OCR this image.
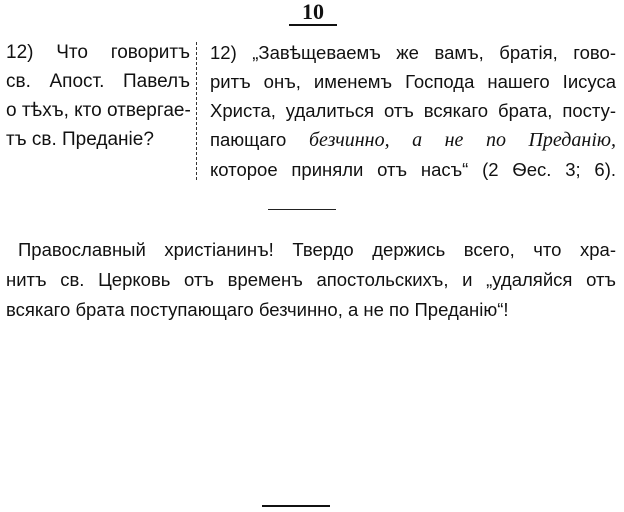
10
12) Что говоритъ
св. Апост. Павелъ
о тѣхъ, кто отвергае-
тъ св. Преданіе?
12) „Завѣщеваемъ же вамъ, братія, гово-
ритъ онъ, именемъ Господа нашего Іисуса
Христа, удалиться отъ всякаго брата, посту-
пающаго безчинно, а не по Преданію,
которое приняли отъ насъ“ (2 Ѳес. 3; 6).
Православный христіанинъ! Твердо держись всего, что хра-
нитъ св. Церковь отъ временъ апостольскихъ, и „удаляйся отъ
всякаго брата поступающаго безчинно, а не по Преданію“!
